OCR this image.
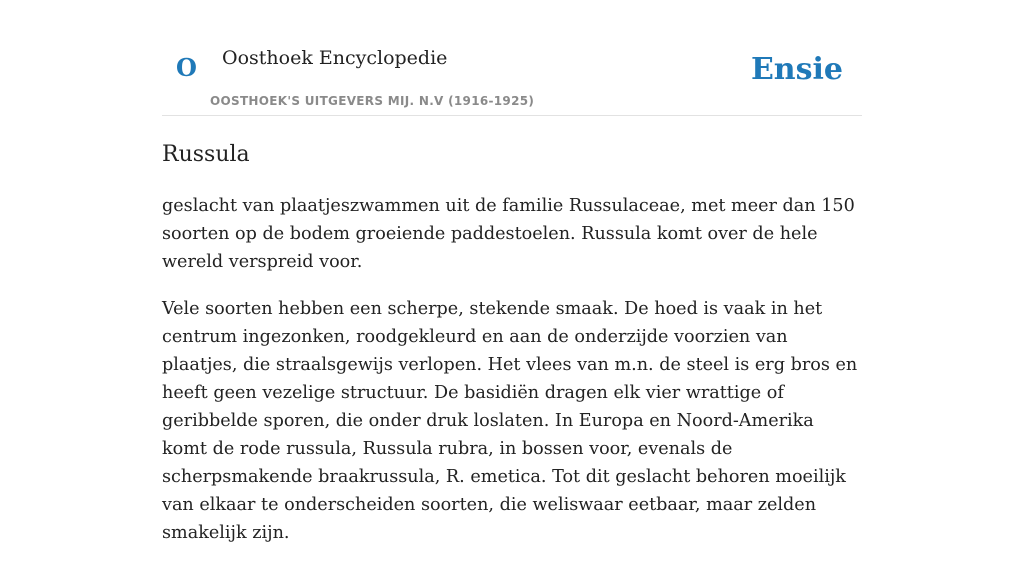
O Oosthoek Encyclopedie
OOSTHOEK'S UITGEVERS MIJ. N.V (1916-1925)
Ensie
Russula

geslacht van plaatjeszwammen uit de familie Russulaceae, met meer dan 150 soorten op de bodem groeiende paddestoelen. Russula komt over de hele wereld verspreid voor.

Vele soorten hebben een scherpe, stekende smaak. De hoed is vaak in het centrum ingezonken, roodgekleurd en aan de onderzijde voorzien van plaatjes, die straalsgewijs verlopen. Het vlees van m.n. de steel is erg bros en heeft geen vezelige structuur. De basidiën dragen elk vier wrattige of geribbelde sporen, die onder druk loslaten. In Europa en Noord-Amerika komt de rode russula, Russula rubra, in bossen voor, evenals de scherpsmakende braakrussula, R. emetica. Tot dit geslacht behoren moeilijk van elkaar te onderscheiden soorten, die weliswaar eetbaar, maar zelden smakelijk zijn.
